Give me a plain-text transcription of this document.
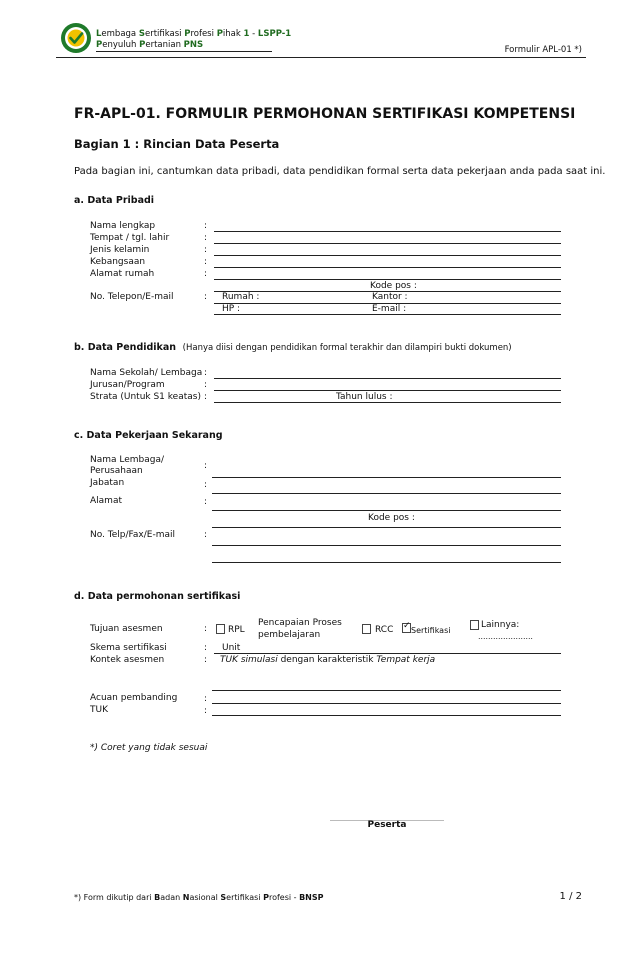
Lembaga Sertifikasi Profesi Pihak 1 - LSPP-1
Penyuluh Pertanian PNS	Formulir APL-01 *)
FR-APL-01. FORMULIR PERMOHONAN SERTIFIKASI KOMPETENSI
Bagian 1 : Rincian Data Peserta
Pada bagian ini, cantumkan data pribadi, data pendidikan formal serta data pekerjaan anda pada saat ini.
a. Data Pribadi
Nama lengkap	:
Tempat / tgl. lahir	:
Jenis kelamin	:
Kebangsaan	:
Alamat rumah	:
Kode pos :
No. Telepon/E-mail	: Rumah :	Kantor :
HP :	E-mail :
b. Data Pendidikan (Hanya diisi dengan pendidikan formal terakhir dan dilampiri bukti dokumen)
Nama Sekolah/ Lembaga :
Jurusan/Program	:
Strata (Untuk S1 keatas) :	Tahun lulus :
c. Data Pekerjaan Sekarang
Nama Lembaga/
Perusahaan	:
Jabatan	:
Alamat	:
Kode pos :
No. Telp/Fax/E-mail	:
d. Data permohonan sertifikasi
Tujuan asesmen	: RPL
Pencapaian Proses
pembelajaran	RCC
✓ Sertifikasi
Lainnya:
………………….
Skema sertifikasi	: Unit
Kontek asesmen	: TUK simulasi dengan karakteristik Tempat kerja
Acuan pembanding	:
TUK	:
*) Coret yang tidak sesuai
Peserta
*) Form dikutip dari Badan Nasional Sertifikasi Profesi - BNSP	1 / 2
